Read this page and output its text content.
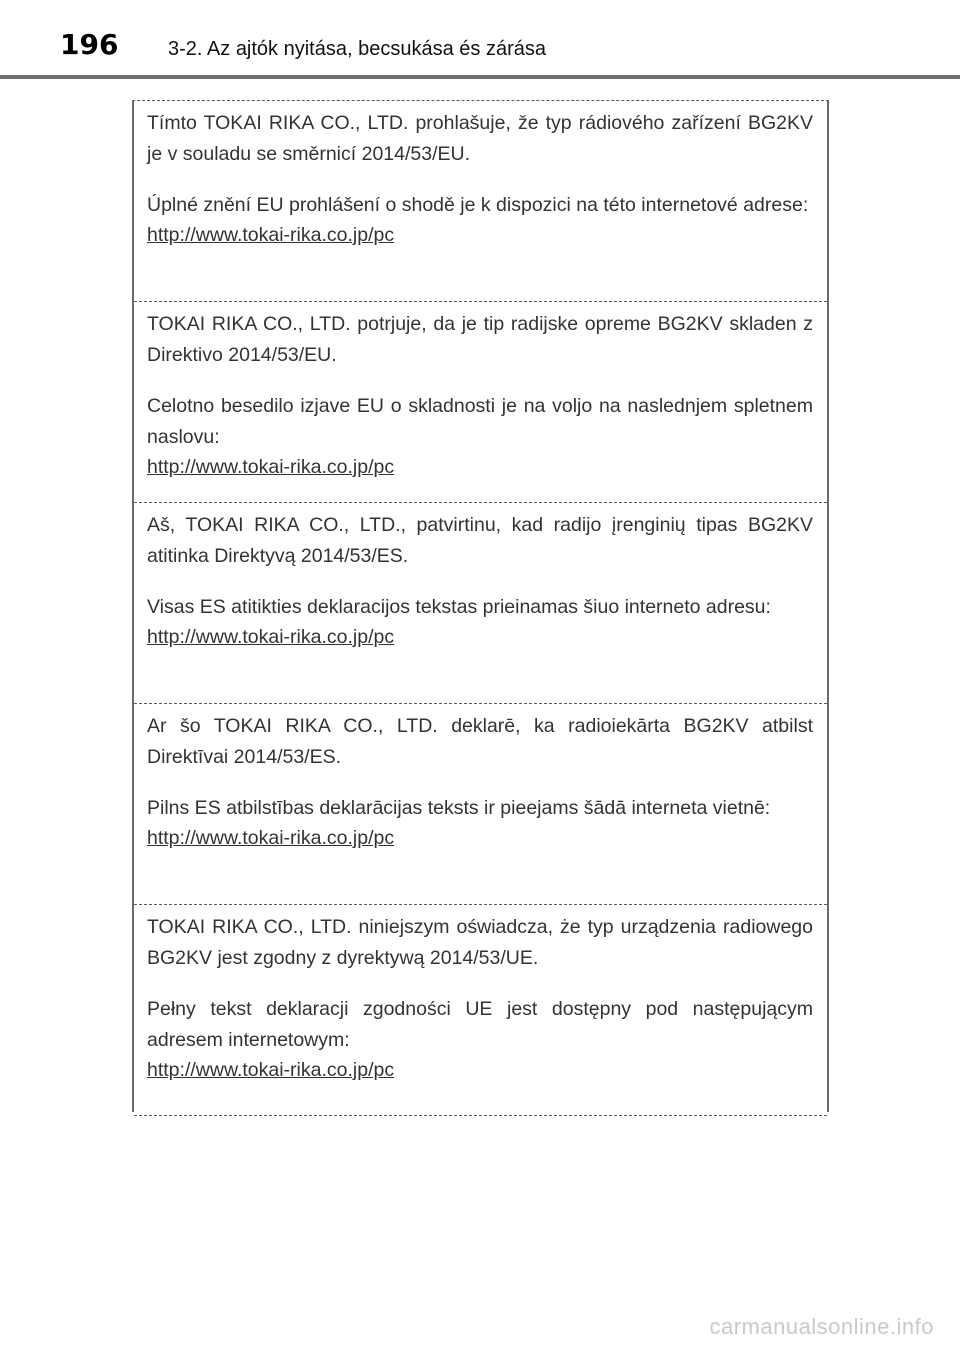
196 3-2. Az ajtók nyitása, becsukása és zárása

Tímto TOKAI RIKA CO., LTD. prohlašuje, že typ rádiového zařízení BG2KV je v souladu se směrnicí 2014/53/EU.

Úplné znění EU prohlášení o shodě je k dispozici na této internetové adrese:

http://www.tokai-rika.co.jp/pc

TOKAI RIKA CO., LTD. potrjuje, da je tip radijske opreme BG2KV skladen z Direktivo 2014/53/EU.

Celotno besedilo izjave EU o skladnosti je na voljo na naslednjem spletnem naslovu:

http://www.tokai-rika.co.jp/pc

Aš, TOKAI RIKA CO., LTD., patvirtinu, kad radijo įrenginių tipas BG2KV atitinka Direktyvą 2014/53/ES.

Visas ES atitikties deklaracijos tekstas prieinamas šiuo interneto adresu:

http://www.tokai-rika.co.jp/pc

Ar šo TOKAI RIKA CO., LTD. deklarē, ka radioiekārta BG2KV atbilst Direktīvai 2014/53/ES.

Pilns ES atbilstības deklarācijas teksts ir pieejams šādā interneta vietnē:

http://www.tokai-rika.co.jp/pc

TOKAI RIKA CO., LTD. niniejszym oświadcza, że typ urządzenia radiowego BG2KV jest zgodny z dyrektywą 2014/53/UE.

Pełny tekst deklaracji zgodności UE jest dostępny pod następującym adresem internetowym:

http://www.tokai-rika.co.jp/pc
carmanualsonline.info
